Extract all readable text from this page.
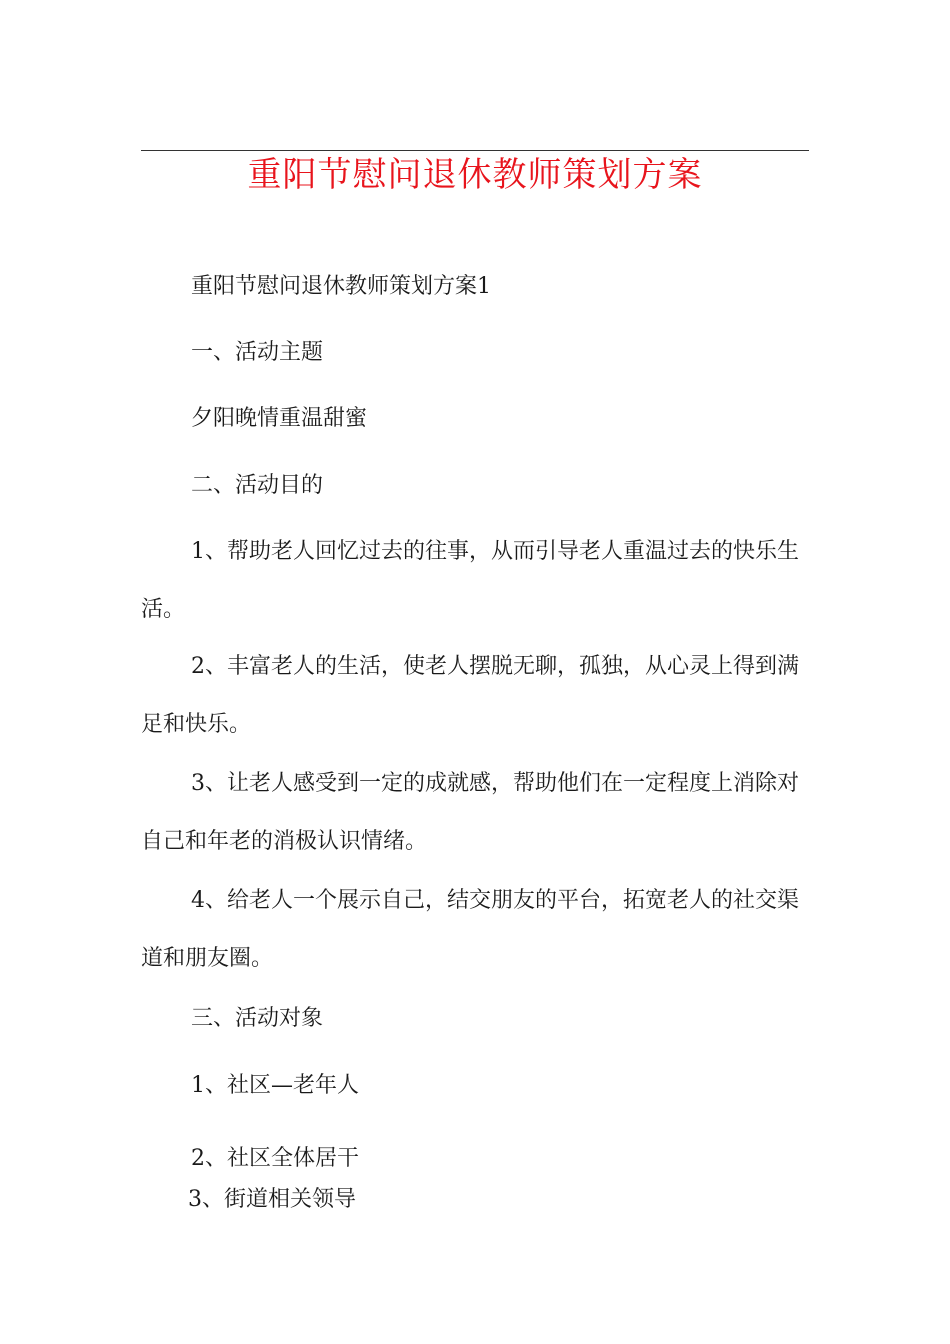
重阳节慰问退休教师策划方案

重阳节慰问退休教师策划方案1

一、活动主题

夕阳晚情重温甜蜜

二、活动目的

1、帮助老人回忆过去的往事，从而引导老人重温过去的快乐生活。

2、丰富老人的生活，使老人摆脱无聊，孤独，从心灵上得到满足和快乐。

3、让老人感受到一定的成就感，帮助他们在一定程度上消除对自己和年老的消极认识情绪。

4、给老人一个展示自己，结交朋友的平台，拓宽老人的社交渠道和朋友圈。

三、活动对象

1、社区—老年人

2、社区全体居干

3、街道相关领导
